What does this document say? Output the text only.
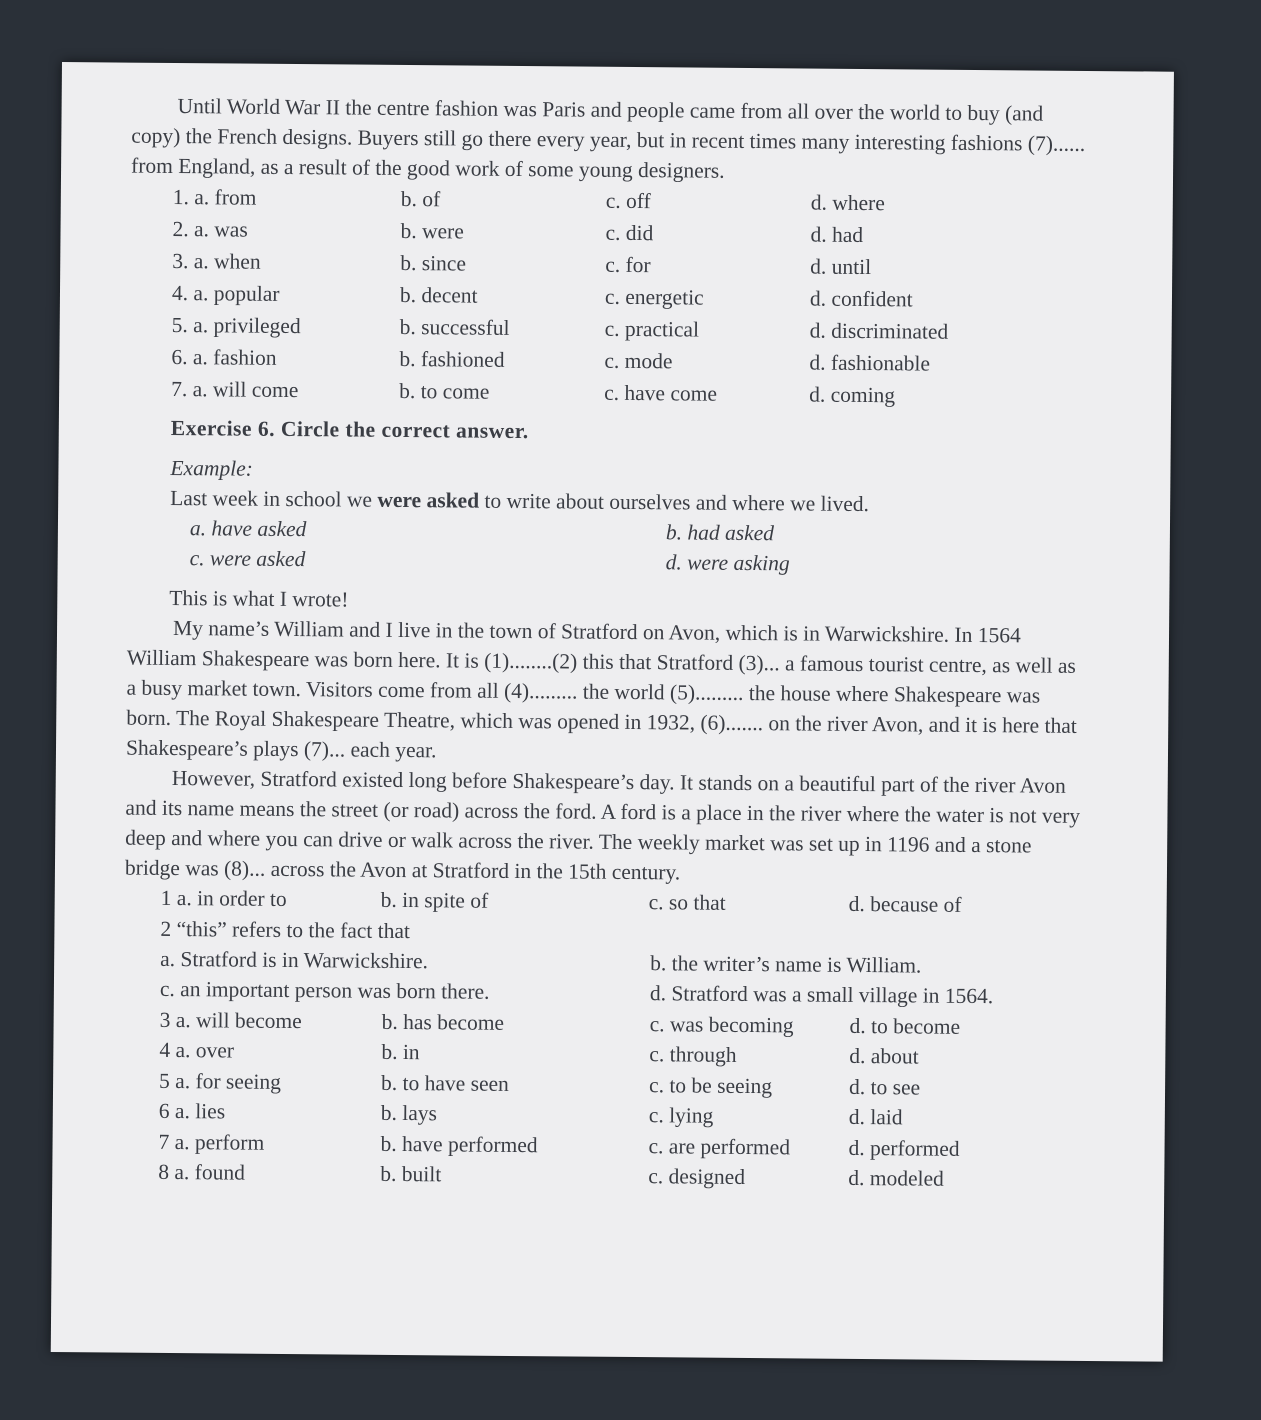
Until World War II the centre fashion was Paris and people came from all over the world to buy (and copy) the French designs. Buyers still go there every year, but in recent times many interesting fashions (7)...... from England, as a result of the good work of some young designers.

1. a. from	b. of	c. off	d. where
2. a. was	b. were	c. did	d. had
3. a. when	b. since	c. for	d. until
4. a. popular	b. decent	c. energetic	d. confident
5. a. privileged	b. successful	c. practical	d. discriminated
6. a. fashion	b. fashioned	c. mode	d. fashionable
7. a. will come	b. to come	c. have come	d. coming

Exercise 6. Circle the correct answer.

Example:

Last week in school we were asked to write about ourselves and where we lived.

a. have asked	b. had asked
c. were asked	d. were asking

This is what I wrote!

My name’s William and I live in the town of Stratford on Avon, which is in Warwickshire. In 1564 William Shakespeare was born here. It is (1)........(2) this that Stratford (3)... a famous tourist centre, as well as a busy market town. Visitors come from all (4)......... the world (5)......... the house where Shakespeare was born. The Royal Shakespeare Theatre, which was opened in 1932, (6)....... on the river Avon, and it is here that Shakespeare’s plays (7)... each year.

However, Stratford existed long before Shakespeare’s day. It stands on a beautiful part of the river Avon and its name means the street (or road) across the ford. A ford is a place in the river where the water is not very deep and where you can drive or walk across the river. The weekly market was set up in 1196 and a stone bridge was (8)... across the Avon at Stratford in the 15th century.

1 a. in order to	b. in spite of	c. so that	d. because of

2 “this” refers to the fact that

a. Stratford is in Warwickshire.	b. the writer’s name is William.
c. an important person was born there.	d. Stratford was a small village in 1564.
3 a. will become	b. has become	c. was becoming	d. to become
4 a. over	b. in	c. through	d. about
5 a. for seeing	b. to have seen	c. to be seeing	d. to see
6 a. lies	b. lays	c. lying	d. laid
7 a. perform	b. have performed	c. are performed	d. performed
8 a. found	b. built	c. designed	d. modeled
